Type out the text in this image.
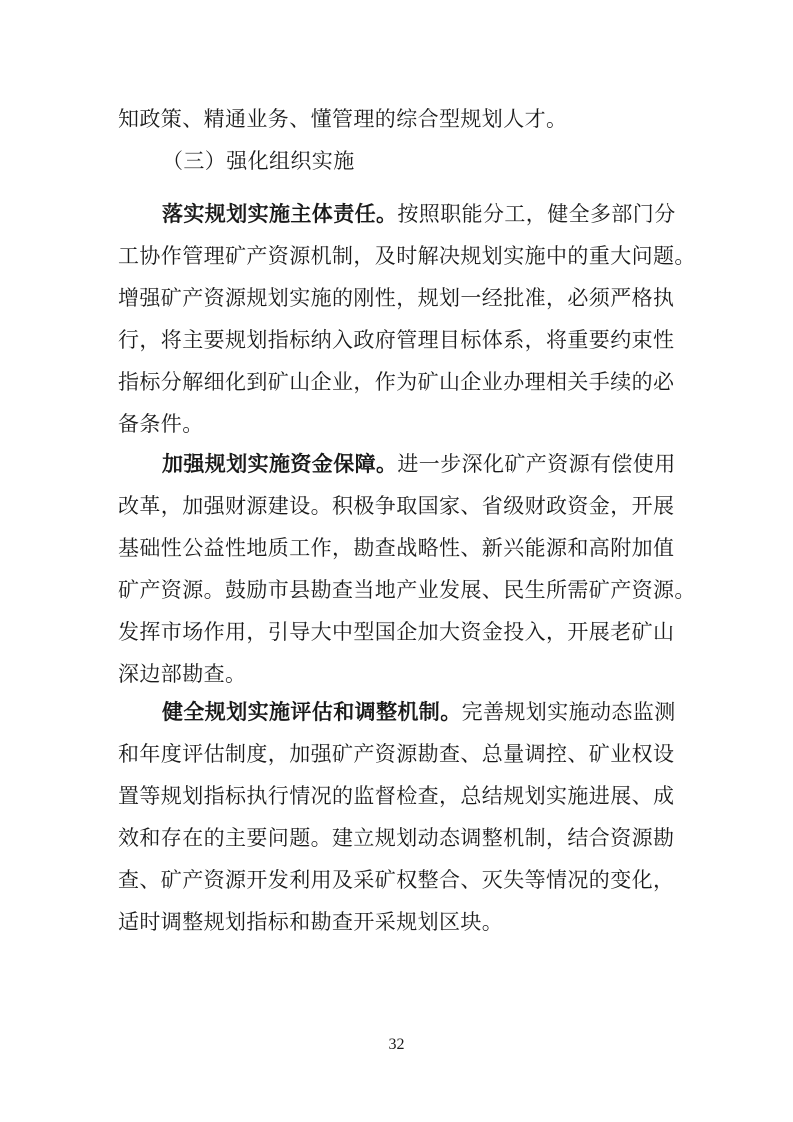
知政策、精通业务、懂管理的综合型规划人才。
（三）强化组织实施
落实规划实施主体责任。按照职能分工，健全多部门分
工协作管理矿产资源机制，及时解决规划实施中的重大问题。
增强矿产资源规划实施的刚性，规划一经批准，必须严格执
行，将主要规划指标纳入政府管理目标体系，将重要约束性
指标分解细化到矿山企业，作为矿山企业办理相关手续的必
备条件。
加强规划实施资金保障。进一步深化矿产资源有偿使用
改革，加强财源建设。积极争取国家、省级财政资金，开展
基础性公益性地质工作，勘查战略性、新兴能源和高附加值
矿产资源。鼓励市县勘查当地产业发展、民生所需矿产资源。
发挥市场作用，引导大中型国企加大资金投入，开展老矿山
深边部勘查。
健全规划实施评估和调整机制。完善规划实施动态监测
和年度评估制度，加强矿产资源勘查、总量调控、矿业权设
置等规划指标执行情况的监督检查，总结规划实施进展、成
效和存在的主要问题。建立规划动态调整机制，结合资源勘
查、矿产资源开发利用及采矿权整合、灭失等情况的变化，
适时调整规划指标和勘查开采规划区块。
32
